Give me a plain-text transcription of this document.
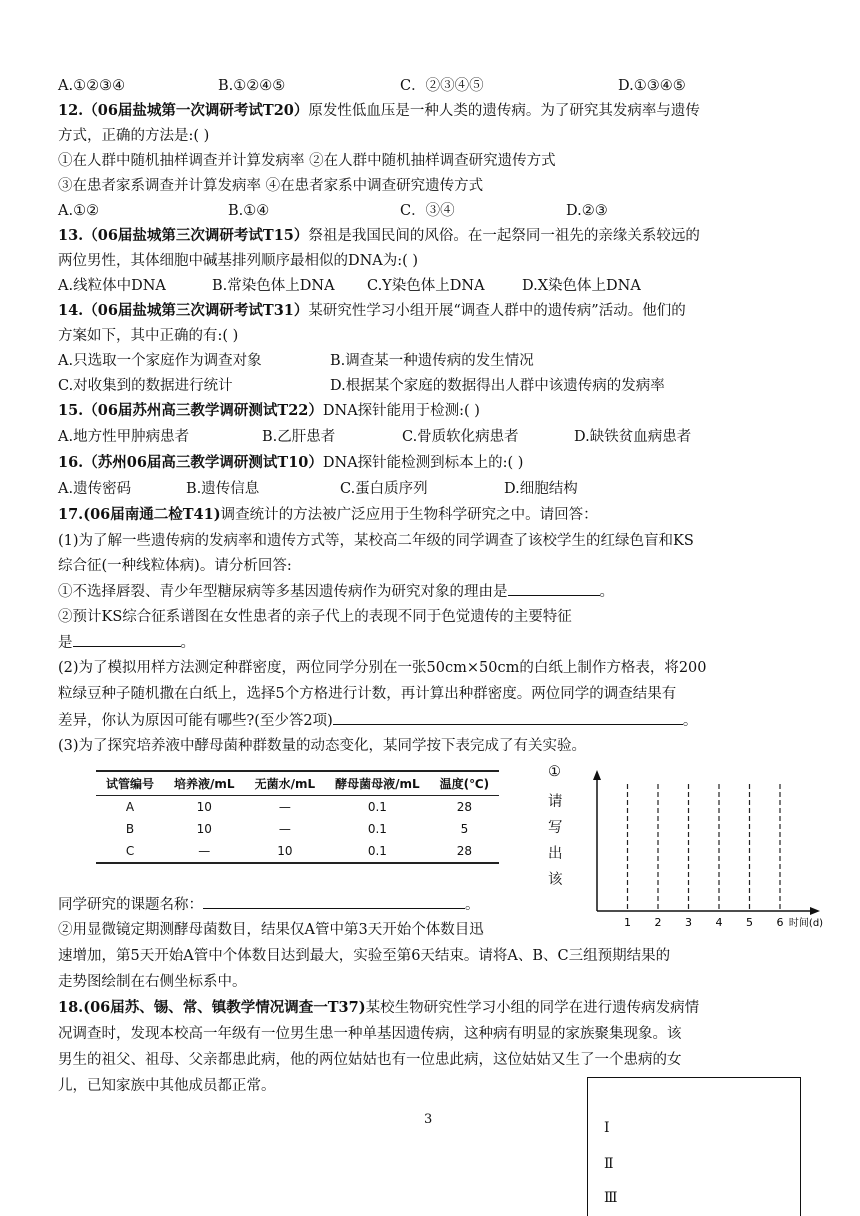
A.①②③④	B.①②④⑤	C．②③④⑤	D.①③④⑤
12.（06届盐城第一次调研考试T20）原发性低血压是一种人类的遗传病。为了研究其发病率与遗传
方式，正确的方法是:( )
①在人群中随机抽样调查并计算发病率 ②在人群中随机抽样调查研究遗传方式
③在患者家系调查并计算发病率 ④在患者家系中调查研究遗传方式
A.①②	B.①④	C．③④	D.②③
13.（06届盐城第三次调研考试T15）祭祖是我国民间的风俗。在一起祭同一祖先的亲缘关系较远的
两位男性，其体细胞中碱基排列顺序最相似的DNA为:( )
A.线粒体中DNA	B.常染色体上DNA C.Y染色体上DNA	D.X染色体上DNA
14.（06届盐城第三次调研考试T31）某研究性学习小组开展“调查人群中的遗传病”活动。他们的
方案如下，其中正确的有:( )
A.只选取一个家庭作为调查对象	B.调查某一种遗传病的发生情况
C.对收集到的数据进行统计	D.根据某个家庭的数据得出人群中该遗传病的发病率
15.（06届苏州高三教学调研测试T22）DNA探针能用于检测:( )
A.地方性甲肿病患者	B.乙肝患者	C.骨质软化病患者	D.缺铁贫血病患者
16.（苏州06届高三教学调研测试T10）DNA探针能检测到标本上的:( )
A.遗传密码	B.遗传信息	C.蛋白质序列	D.细胞结构
17.(06届南通二检T41)调查统计的方法被广泛应用于生物科学研究之中。请回答：
(1)为了解一些遗传病的发病率和遗传方式等，某校高二年级的同学调查了该校学生的红绿色盲和KS
综合征(一种线粒体病)。请分析回答:
①不选择唇裂、青少年型糖尿病等多基因遗传病作为研究对象的理由是	。
②预计KS综合征系谱图在女性患者的亲子代上的表现不同于色觉遗传的主要特征
是	。
(2)为了模拟用样方法测定种群密度，两位同学分别在一张50cm×50cm的白纸上制作方格表，将200
粒绿豆种子随机撒在白纸上，选择5个方格进行计数，再计算出种群密度。两位同学的调查结果有
差异，你认为原因可能有哪些?(至少答2项)	。
(3)为了探究培养液中酵母菌种群数量的动态变化，某同学按下表完成了有关实验。
试管编号	培养液/mL	无菌水/mL	酵母菌母液/mL	温度(℃)
A	10	—	0.1	28
B	10	—	0.1	5
C	—	10	0.1	28
①
请
写
出
该
1 2 3 4 5 6 时间(d)
同学研究的课题名称：	。
②用显微镜定期测酵母菌数目，结果仅A管中第3天开始个体数目迅
速增加，第5天开始A管中个体数目达到最大，实验至第6天结束。请将A、B、C三组预期结果的
走势图绘制在右侧坐标系中。
18.(06届苏、锡、常、镇教学情况调查一T37)某校生物研究性学习小组的同学在进行遗传病发病情
况调查时，发现本校高一年级有一位男生患一种单基因遗传病，这种病有明显的家族聚集现象。该
男生的祖父、祖母、父亲都患此病，他的两位姑姑也有一位患此病，这位姑姑又生了一个患病的女
儿，已知家族中其他成员都正常。
3
Ⅰ
Ⅱ
Ⅲ
